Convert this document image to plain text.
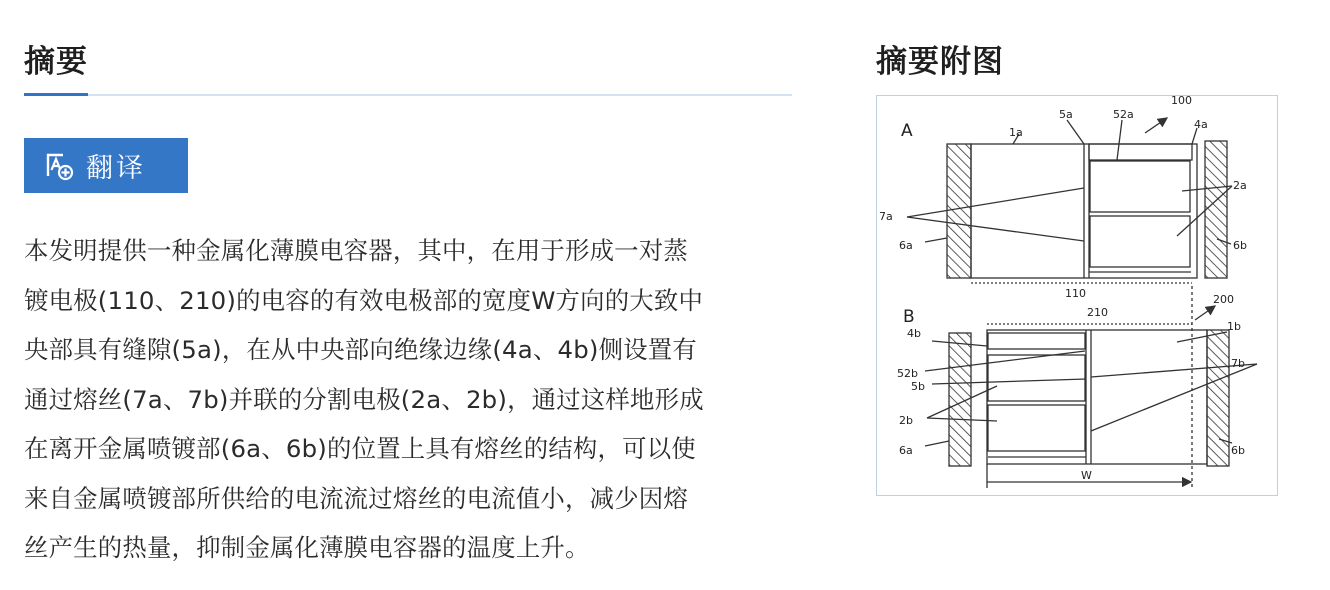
摘要
翻译

本发明提供一种金属化薄膜电容器，其中，在用于形成一对蒸
镀电极(110、210)的电容的有效电极部的宽度W方向的大致中
央部具有缝隙(5a)，在从中央部向绝缘边缘(4a、4b)侧设置有
通过熔丝(7a、7b)并联的分割电极(2a、2b)，通过这样地形成
在离开金属喷镀部(6a、6b)的位置上具有熔丝的结构，可以使
来自金属喷镀部所供给的电流流过熔丝的电流值小，减少因熔
丝产生的热量，抑制金属化薄膜电容器的温度上升。

摘要附图
A	1a
5a	52a
100
4a
2a
7a
6a	6b
110
B	210
200
4b
1b
52b
5b
7b
2b
6a	6b
W
